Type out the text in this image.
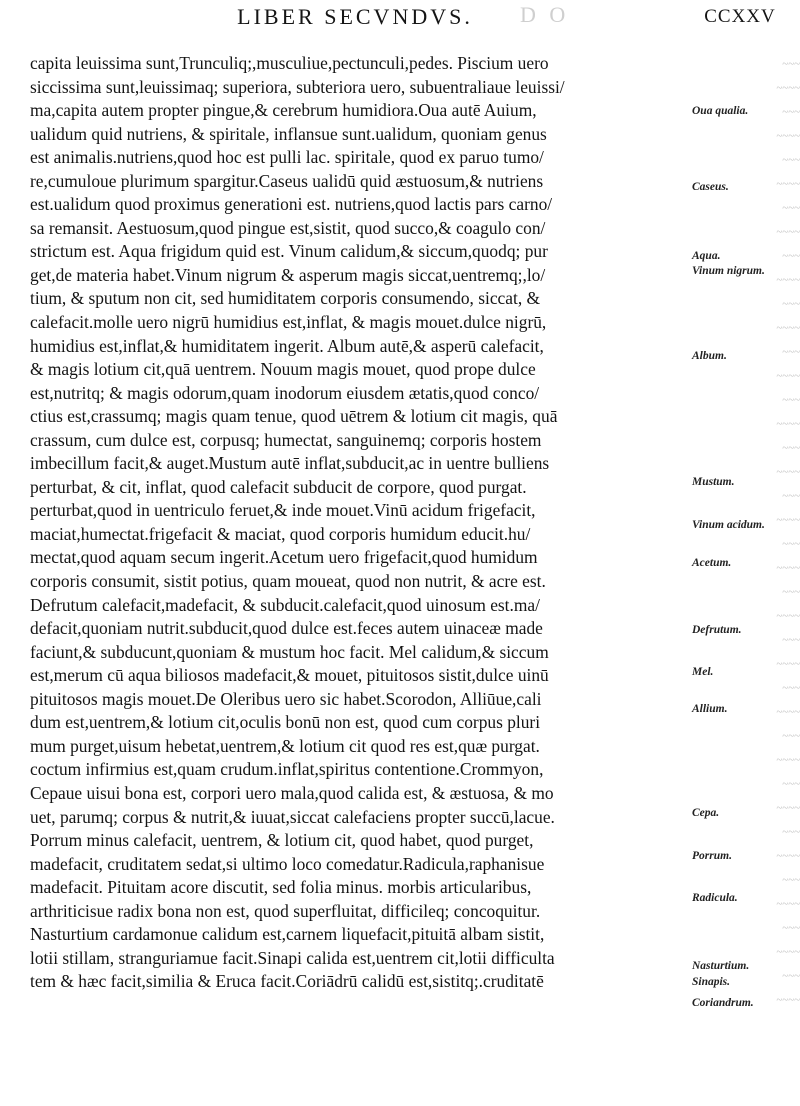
D O
LIBER SECVNDVS.	CCXXV
capita leuissima sunt,Trunculiq;,musculiue,pectunculi,pedes. Piscium uero
siccissima sunt,leuissimaq; superiora, subteriora uero, subuentraliaue leuissi/
ma,capita autem propter pingue,& cerebrum humidiora.Oua autē Auium,
ualidum quid nutriens, & spiritale, inflansue sunt.ualidum, quoniam genus
est animalis.nutriens,quod hoc est pulli lac. spiritale, quod ex paruo tumo/
re,cumuloue plurimum spargitur.Caseus ualidū quid æstuosum,& nutriens
est.ualidum quod proximus generationi est. nutriens,quod lactis pars carno/
sa remansit. Aestuosum,quod pingue est,sistit, quod succo,& coagulo con/
strictum est. Aqua frigidum quid est. Vinum calidum,& siccum,quodq; pur
get,de materia habet.Vinum nigrum & asperum magis siccat,uentremq;,lo/
tium, & sputum non cit, sed humiditatem corporis consumendo, siccat, &
calefacit.molle uero nigrū humidius est,inflat, & magis mouet.dulce nigrū,
humidius est,inflat,& humiditatem ingerit. Album autē,& asperū calefacit,
& magis lotium cit,quā uentrem. Nouum magis mouet, quod prope dulce
est,nutritq; & magis odorum,quam inodorum eiusdem ætatis,quod conco/
ctius est,crassumq; magis quam tenue, quod uētrem & lotium cit magis, quā
crassum, cum dulce est, corpusq; humectat, sanguinemq; corporis hostem
imbecillum facit,& auget.Mustum autē inflat,subducit,ac in uentre bulliens
perturbat, & cit, inflat, quod calefacit subducit de corpore, quod purgat.
perturbat,quod in uentriculo feruet,& inde mouet.Vinū acidum frigefacit,
maciat,humectat.frigefacit & maciat, quod corporis humidum educit.hu/
mectat,quod aquam secum ingerit.Acetum uero frigefacit,quod humidum
corporis consumit, sistit potius, quam moueat, quod non nutrit, & acre est.
Defrutum calefacit,madefacit, & subducit.calefacit,quod uinosum est.ma/
defacit,quoniam nutrit.subducit,quod dulce est.feces autem uinaceæ made
faciunt,& subducunt,quoniam & mustum hoc facit. Mel calidum,& siccum
est,merum cū aqua biliosos madefacit,& mouet, pituitosos sistit,dulce uinū
pituitosos magis mouet.De Oleribus uero sic habet.Scorodon, Alliūue,cali
dum est,uentrem,& lotium cit,oculis bonū non est, quod cum corpus pluri
mum purget,uisum hebetat,uentrem,& lotium cit quod res est,quæ purgat.
coctum infirmius est,quam crudum.inflat,spiritus contentione.Crommyon,
Cepaue uisui bona est, corpori uero mala,quod calida est, & æstuosa, & mo
uet, parumq; corpus & nutrit,& iuuat,siccat calefaciens propter succū,lacue.
Porrum minus calefacit, uentrem, & lotium cit, quod habet, quod purget,
madefacit, cruditatem sedat,si ultimo loco comedatur.Radicula,raphanisue
madefacit. Pituitam acore discutit, sed folia minus. morbis articularibus,
arthriticisue radix bona non est, quod superfluitat, difficileq; concoquitur.
Nasturtium cardamonue calidum est,carnem liquefacit,pituitā albam sistit,
lotii stillam, stranguriamue facit.Sinapi calida est,uentrem cit,lotii difficulta
tem & hæc facit,similia & Eruca facit.Coriādrū calidū est,sistitq;.cruditatē
~~~
~~~~
~~~
~~~~
~~~
~~~~
~~~
~~~~
~~~
~~~~
~~~
~~~~
~~~
~~~~
~~~
~~~~
~~~
~~~~
~~~
~~~~
~~~
~~~~
~~~
~~~~
~~~
~~~~
~~~
~~~~
~~~
~~~~
~~~
~~~~
~~~
~~~~
~~~
~~~~
~~~
~~~~
~~~
~~~~
Oua qualia.
Caseus.
Aqua.
Vinum nigrum.
Album.
Mustum.
Vinum acidum.
Acetum.
Defrutum.
Mel.
Allium.
Cepa.
Porrum.
Radicula.
Nasturtium.
Sinapis.
Coriandrum.
